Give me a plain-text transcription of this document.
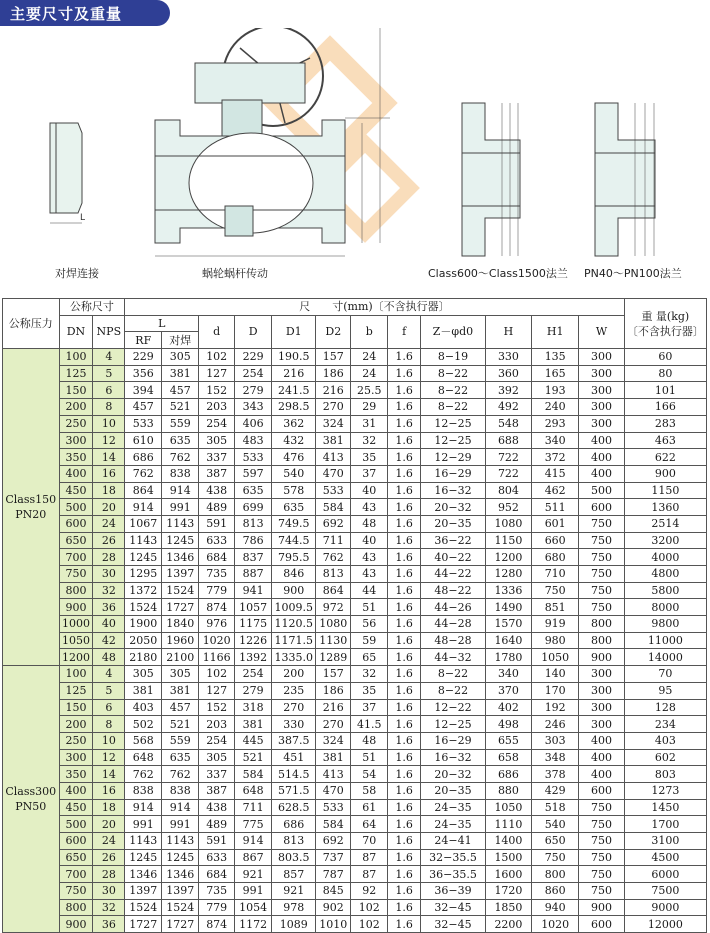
主要尺寸及重量
L
对焊连接	蜗轮蜗杆传动	Class600～Class1500法兰 PN40～PN100法兰
公称压力	公称尺寸		尺　　寸(mm)〔不含执行器〕												重 量(kg)
〔不含执行器〕

	DN	NPS	L		d	D	D1	D2	b	f	Z－φd0	H	H1	W	
			RF	对焊											

Class150
PN20	100	4	229	305	102	229	190.5	157	24	1.6	8−19	330	135	300	60
	125	5	356	381	127	254	216	186	24	1.6	8−22	360	165	300	80
	150	6	394	457	152	279	241.5	216	25.5	1.6	8−22	392	193	300	101
	200	8	457	521	203	343	298.5	270	29	1.6	8−22	492	240	300	166
	250	10	533	559	254	406	362	324	31	1.6	12−25	548	293	300	283
	300	12	610	635	305	483	432	381	32	1.6	12−25	688	340	400	463
	350	14	686	762	337	533	476	413	35	1.6	12−29	722	372	400	622
	400	16	762	838	387	597	540	470	37	1.6	16−29	722	415	400	900
	450	18	864	914	438	635	578	533	40	1.6	16−32	804	462	500	1150
	500	20	914	991	489	699	635	584	43	1.6	20−32	952	511	600	1360
	600	24	1067	1143	591	813	749.5	692	48	1.6	20−35	1080	601	750	2514
	650	26	1143	1245	633	786	744.5	711	40	1.6	36−22	1150	660	750	3200
	700	28	1245	1346	684	837	795.5	762	43	1.6	40−22	1200	680	750	4000
	750	30	1295	1397	735	887	846	813	43	1.6	44−22	1280	710	750	4800
	800	32	1372	1524	779	941	900	864	44	1.6	48−22	1336	750	750	5800
	900	36	1524	1727	874	1057	1009.5	972	51	1.6	44−26	1490	851	750	8000
	1000	40	1900	1840	976	1175	1120.5	1080	56	1.6	44−28	1570	919	800	9800
	1050	42	2050	1960	1020	1226	1171.5	1130	59	1.6	48−28	1640	980	800	11000
	1200	48	2180	2100	1166	1392	1335.0	1289	65	1.6	44−32	1780	1050	900	14000

Class300
PN50	100	4	305	305	102	254	200	157	32	1.6	8−22	340	140	300	70
	125	5	381	381	127	279	235	186	35	1.6	8−22	370	170	300	95
	150	6	403	457	152	318	270	216	37	1.6	12−22	402	192	300	128
	200	8	502	521	203	381	330	270	41.5	1.6	12−25	498	246	300	234
	250	10	568	559	254	445	387.5	324	48	1.6	16−29	655	303	400	403
	300	12	648	635	305	521	451	381	51	1.6	16−32	658	348	400	602
	350	14	762	762	337	584	514.5	413	54	1.6	20−32	686	378	400	803
	400	16	838	838	387	648	571.5	470	58	1.6	20−35	880	429	600	1273
	450	18	914	914	438	711	628.5	533	61	1.6	24−35	1050	518	750	1450
	500	20	991	991	489	775	686	584	64	1.6	24−35	1110	540	750	1700
	600	24	1143	1143	591	914	813	692	70	1.6	24−41	1400	650	750	3100
	650	26	1245	1245	633	867	803.5	737	87	1.6	32−35.5	1500	750	750	4500
	700	28	1346	1346	684	921	857	787	87	1.6	36−35.5	1600	800	750	6000
	750	30	1397	1397	735	991	921	845	92	1.6	36−39	1720	860	750	7500
	800	32	1524	1524	779	1054	978	902	102	1.6	32−45	1850	940	900	9000
	900	36	1727	1727	874	1172	1089	1010	102	1.6	32−45	2200	1020	600	12000
